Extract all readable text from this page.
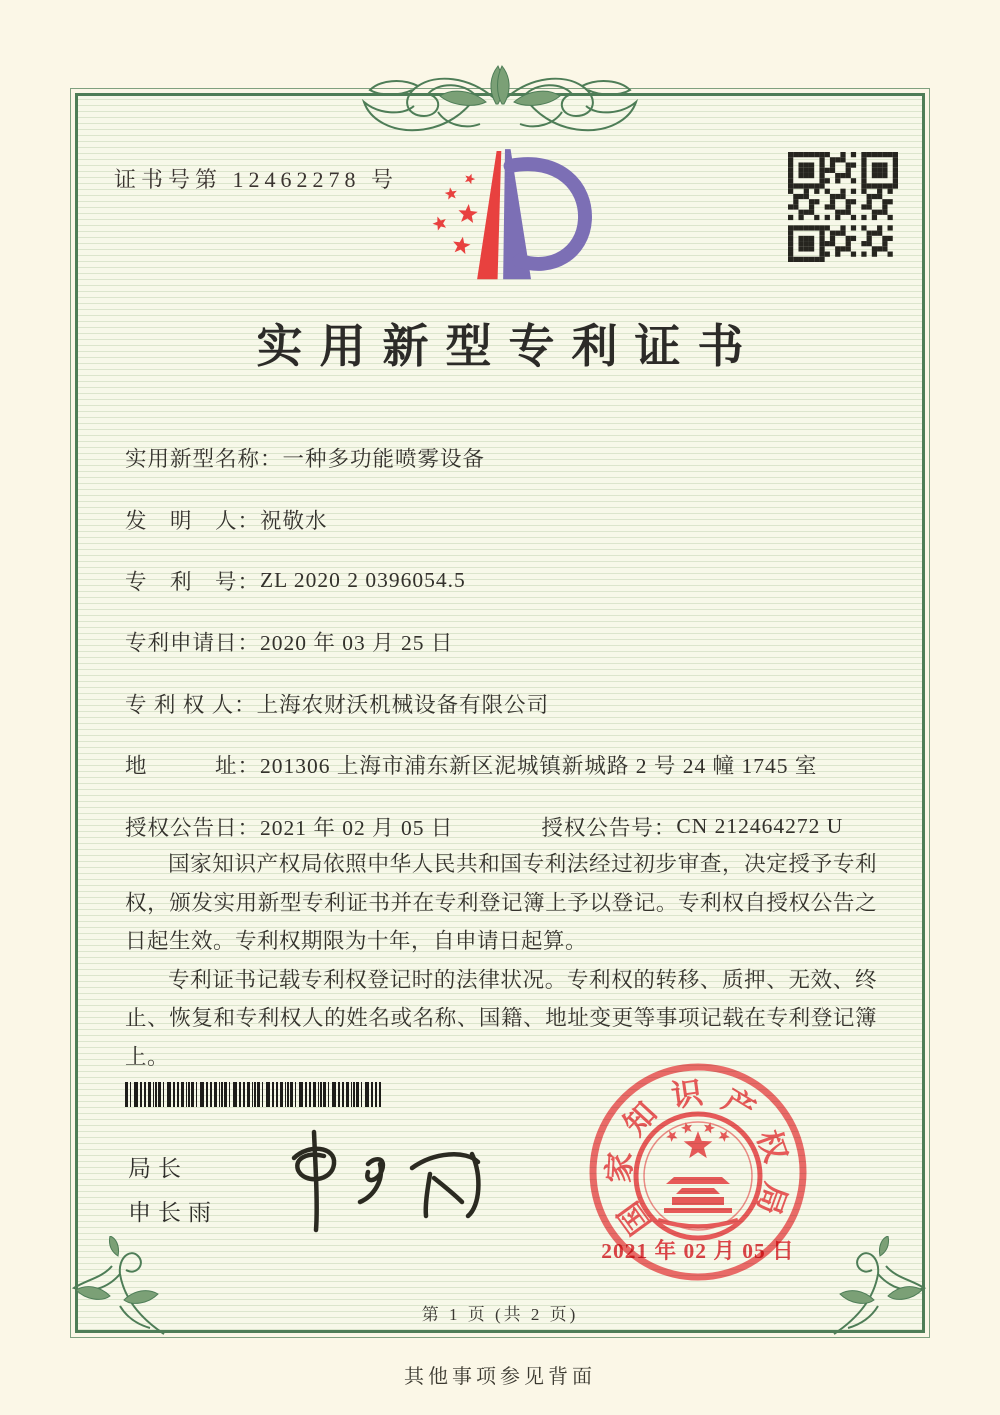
证书号第 12462278 号
实用新型专利证书
实用新型名称： 一种多功能喷雾设备
发　明　人： 祝敬水
专　利　号： ZL 2020 2 0396054.5
专利申请日： 2020 年 03 月 25 日
专 利 权 人： 上海农财沃机械设备有限公司
地　　　址： 201306 上海市浦东新区泥城镇新城路 2 号 24 幢 1745 室
授权公告日： 2021 年 02 月 05 日	授权公告号： CN 212464272 U

国家知识产权局依照中华人民共和国专利法经过初步审查，决定授予专利权，颁发实用新型专利证书并在专利登记簿上予以登记。专利权自授权公告之日起生效。专利权期限为十年，自申请日起算。

专利证书记载专利权登记时的法律状况。专利权的转移、质押、无效、终止、恢复和专利权人的姓名或名称、国籍、地址变更等事项记载在专利登记簿上。

局长
申长雨	国
家
知
识 产
权
局
2021 年 02 月 05 日
第 1 页 (共 2 页)
其他事项参见背面
